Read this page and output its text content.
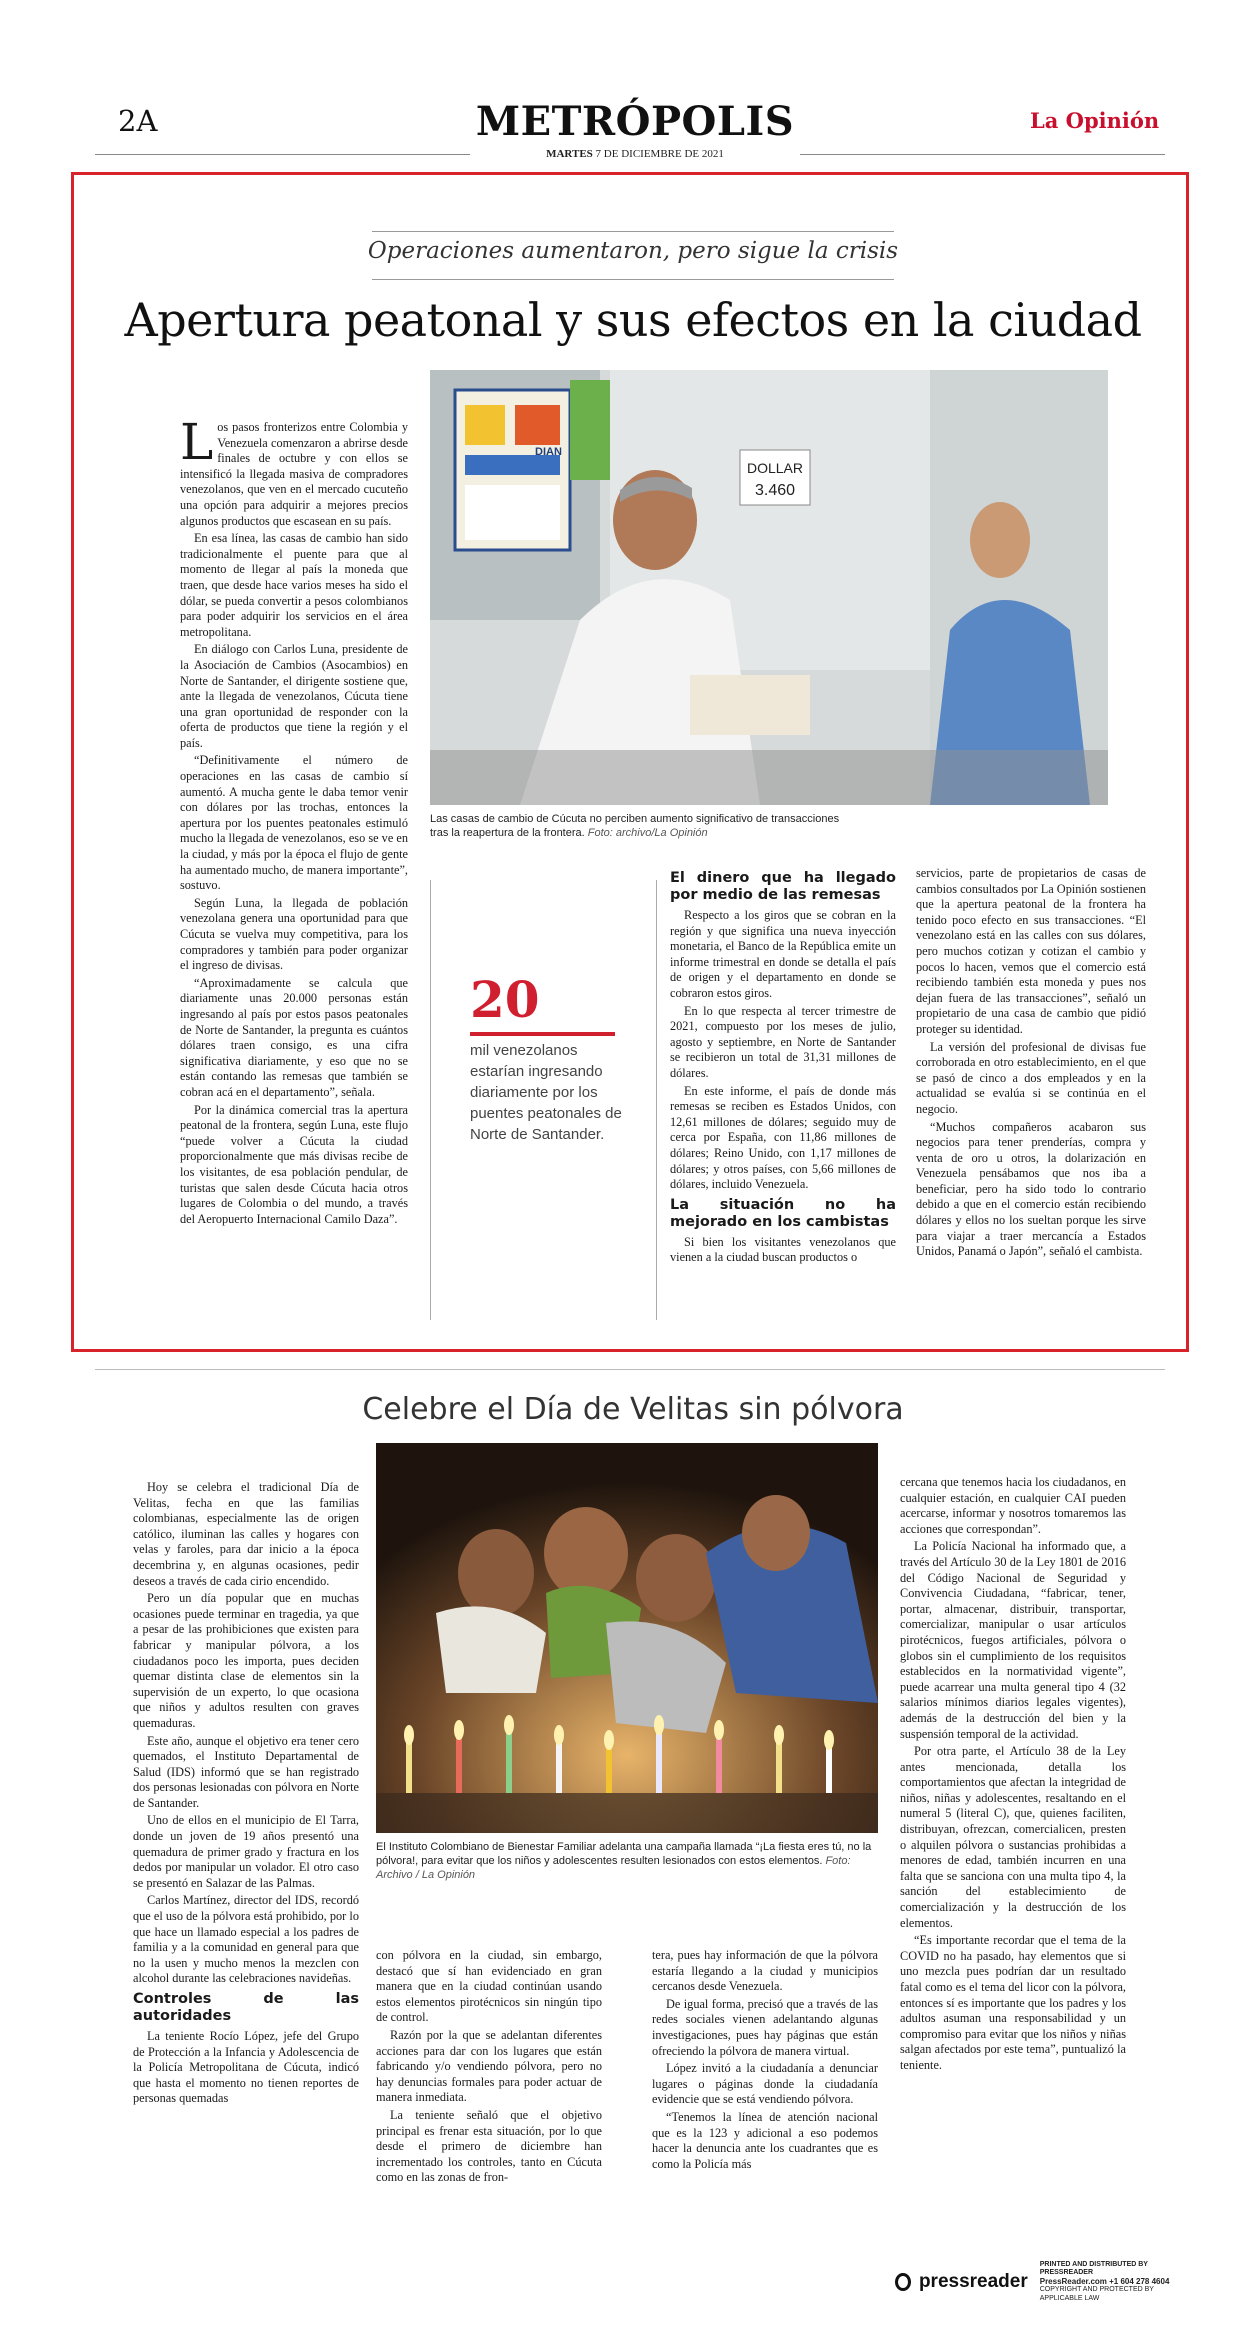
2A	METRÓPOLIS	La Opinión
MARTES 7 DE DICIEMBRE DE 2021
Operaciones aumentaron, pero sigue la crisis
Apertura peatonal y sus efectos en la ciudad

L os pasos fronterizos entre Colombia y Venezuela comenzaron a abrirse desde finales de octubre y con ellos se intensificó la llegada masiva de compradores venezolanos, que ven en el mercado cucuteño una opción para adquirir a mejores precios algunos productos que escasean en su país.

En esa línea, las casas de cambio han sido tradicionalmente el puente para que al momento de llegar al país la moneda que traen, que desde hace varios meses ha sido el dólar, se pueda convertir a pesos colombianos para poder adquirir los servicios en el área metropolitana.

En diálogo con Carlos Luna, presidente de la Asociación de Cambios (Asocambios) en Norte de Santander, el dirigente sostiene que, ante la llegada de venezolanos, Cúcuta tiene una gran oportunidad de responder con la oferta de productos que tiene la región y el país.

“Definitivamente el número de operaciones en las casas de cambio sí aumentó. A mucha gente le daba temor venir con dólares por las trochas, entonces la apertura por los puentes peatonales estimuló mucho la llegada de venezolanos, eso se ve en la ciudad, y más por la época el flujo de gente ha aumentado mucho, de manera importante”, sostuvo.

Según Luna, la llegada de población venezolana genera una oportunidad para que Cúcuta se vuelva muy competitiva, para los compradores y también para poder organizar el ingreso de divisas.

“Aproximadamente se calcula que diariamente unas 20.000 personas están ingresando al país por estos pasos peatonales de Norte de Santander, la pregunta es cuántos dólares traen consigo, es una cifra significativa diariamente, y eso que no se están contando las remesas que también se cobran acá en el departamento”, señala.

Por la dinámica comercial tras la apertura peatonal de la frontera, según Luna, este flujo “puede volver a Cúcuta la ciudad proporcionalmente que más divisas recibe de los visitantes, de esa población pendular, de turistas que salen desde Cúcuta hacia otros lugares de Colombia o del mundo, a través del Aeropuerto Internacional Camilo Daza”.

DOLLAR
3.460
DIAN
Las casas de cambio de Cúcuta no perciben aumento significativo de transacciones tras la reapertura de la frontera. Foto: archivo/La Opinión
20
mil venezolanos estarían ingresando diariamente por los puentes peatonales de Norte de Santander.
El dinero que ha llegado por medio de las remesas

Respecto a los giros que se cobran en la región y que significa una nueva inyección monetaria, el Banco de la República emite un informe trimestral en donde se detalla el país de origen y el departamento en donde se cobraron estos giros.

En lo que respecta al tercer trimestre de 2021, compuesto por los meses de julio, agosto y septiembre, en Norte de Santander se recibieron un total de 31,31 millones de dólares.

En este informe, el país de donde más remesas se reciben es Estados Unidos, con 12,61 millones de dólares; seguido muy de cerca por España, con 11,86 millones de dólares; Reino Unido, con 1,17 millones de dólares; y otros países, con 5,66 millones de dólares, incluido Venezuela.

La situación no ha mejorado en los cambistas

Si bien los visitantes venezolanos que vienen a la ciudad buscan productos o

servicios, parte de propietarios de casas de cambios consultados por La Opinión sostienen que la apertura peatonal de la frontera ha tenido poco efecto en sus transacciones. “El venezolano está en las calles con sus dólares, pero muchos cotizan y cotizan el cambio y pocos lo hacen, vemos que el comercio está recibiendo también esta moneda y pues nos dejan fuera de las transacciones”, señaló un propietario de una casa de cambio que pidió proteger su identidad.

La versión del profesional de divisas fue corroborada en otro establecimiento, en el que se pasó de cinco a dos empleados y en la actualidad se evalúa si se continúa en el negocio.

“Muchos compañeros acabaron sus negocios para tener prenderías, compra y venta de oro u otros, la dolarización en Venezuela pensábamos que nos iba a beneficiar, pero ha sido todo lo contrario debido a que en el comercio están recibiendo dólares y ellos no los sueltan porque les sirve para viajar a traer mercancía a Estados Unidos, Panamá o Japón”, señaló el cambista.

Celebre el Día de Velitas sin pólvora
El Instituto Colombiano de Bienestar Familiar adelanta una campaña llamada “¡La fiesta eres tú, no la pólvora!, para evitar que los niños y adolescentes resulten lesionados con estos elementos. Foto: Archivo / La Opinión

Hoy se celebra el tradicional Día de Velitas, fecha en que las familias colombianas, especialmente las de origen católico, iluminan las calles y hogares con velas y faroles, para dar inicio a la época decembrina y, en algunas ocasiones, pedir deseos a través de cada cirio encendido.

Pero un día popular que en muchas ocasiones puede terminar en tragedia, ya que a pesar de las prohibiciones que existen para fabricar y manipular pólvora, a los ciudadanos poco les importa, pues deciden quemar distinta clase de elementos sin la supervisión de un experto, lo que ocasiona que niños y adultos resulten con graves quemaduras.

Este año, aunque el objetivo era tener cero quemados, el Instituto Departamental de Salud (IDS) informó que se han registrado dos personas lesionadas con pólvora en Norte de Santander.

Uno de ellos en el municipio de El Tarra, donde un joven de 19 años presentó una quemadura de primer grado y fractura en los dedos por manipular un volador. El otro caso se presentó en Salazar de las Palmas.

Carlos Martínez, director del IDS, recordó que el uso de la pólvora está prohibido, por lo que hace un llamado especial a los padres de familia y a la comunidad en general para que no la usen y mucho menos la mezclen con alcohol durante las celebraciones navideñas.

Controles de las autoridades

La teniente Rocío López, jefe del Grupo de Protección a la Infancia y Adolescencia de la Policía Metropolitana de Cúcuta, indicó que hasta el momento no tienen reportes de personas quemadas

con pólvora en la ciudad, sin embargo, destacó que sí han evidenciado en gran manera que en la ciudad continúan usando estos elementos pirotécnicos sin ningún tipo de control.

Razón por la que se adelantan diferentes acciones para dar con los lugares que están fabricando y/o vendiendo pólvora, pero no hay denuncias formales para poder actuar de manera inmediata.

La teniente señaló que el objetivo principal es frenar esta situación, por lo que desde el primero de diciembre han incrementado los controles, tanto en Cúcuta como en las zonas de fron-

tera, pues hay información de que la pólvora estaría llegando a la ciudad y municipios cercanos desde Venezuela.

De igual forma, precisó que a través de las redes sociales vienen adelantando algunas investigaciones, pues hay páginas que están ofreciendo la pólvora de manera virtual.

López invitó a la ciudadanía a denunciar lugares o páginas donde la ciudadanía evidencie que se está vendiendo pólvora.

“Tenemos la línea de atención nacional que es la 123 y adicional a eso podemos hacer la denuncia ante los cuadrantes que es como la Policía más

cercana que tenemos hacia los ciudadanos, en cualquier estación, en cualquier CAI pueden acercarse, informar y nosotros tomaremos las acciones que correspondan”.

La Policía Nacional ha informado que, a través del Artículo 30 de la Ley 1801 de 2016 del Código Nacional de Seguridad y Convivencia Ciudadana, “fabricar, tener, portar, almacenar, distribuir, transportar, comercializar, manipular o usar artículos pirotécnicos, fuegos artificiales, pólvora o globos sin el cumplimiento de los requisitos establecidos en la normatividad vigente”, puede acarrear una multa general tipo 4 (32 salarios mínimos diarios legales vigentes), además de la destrucción del bien y la suspensión temporal de la actividad.

Por otra parte, el Artículo 38 de la Ley antes mencionada, detalla los comportamientos que afectan la integridad de niños, niñas y adolescentes, resaltando en el numeral 5 (literal C), que, quienes faciliten, distribuyan, ofrezcan, comercialicen, presten o alquilen pólvora o sustancias prohibidas a menores de edad, también incurren en una falta que se sanciona con una multa tipo 4, la sanción del establecimiento de comercialización y la destrucción de los elementos.

“Es importante recordar que el tema de la COVID no ha pasado, hay elementos que si uno mezcla pues podrían dar un resultado fatal como es el tema del licor con la pólvora, entonces sí es importante que los padres y los adultos asuman una responsabilidad y un compromiso para evitar que los niños y niñas salgan afectados por este tema”, puntualizó la teniente.

pressreader
PRINTED AND DISTRIBUTED BY PRESSREADER
PressReader.com +1 604 278 4604
COPYRIGHT AND PROTECTED BY APPLICABLE LAW
